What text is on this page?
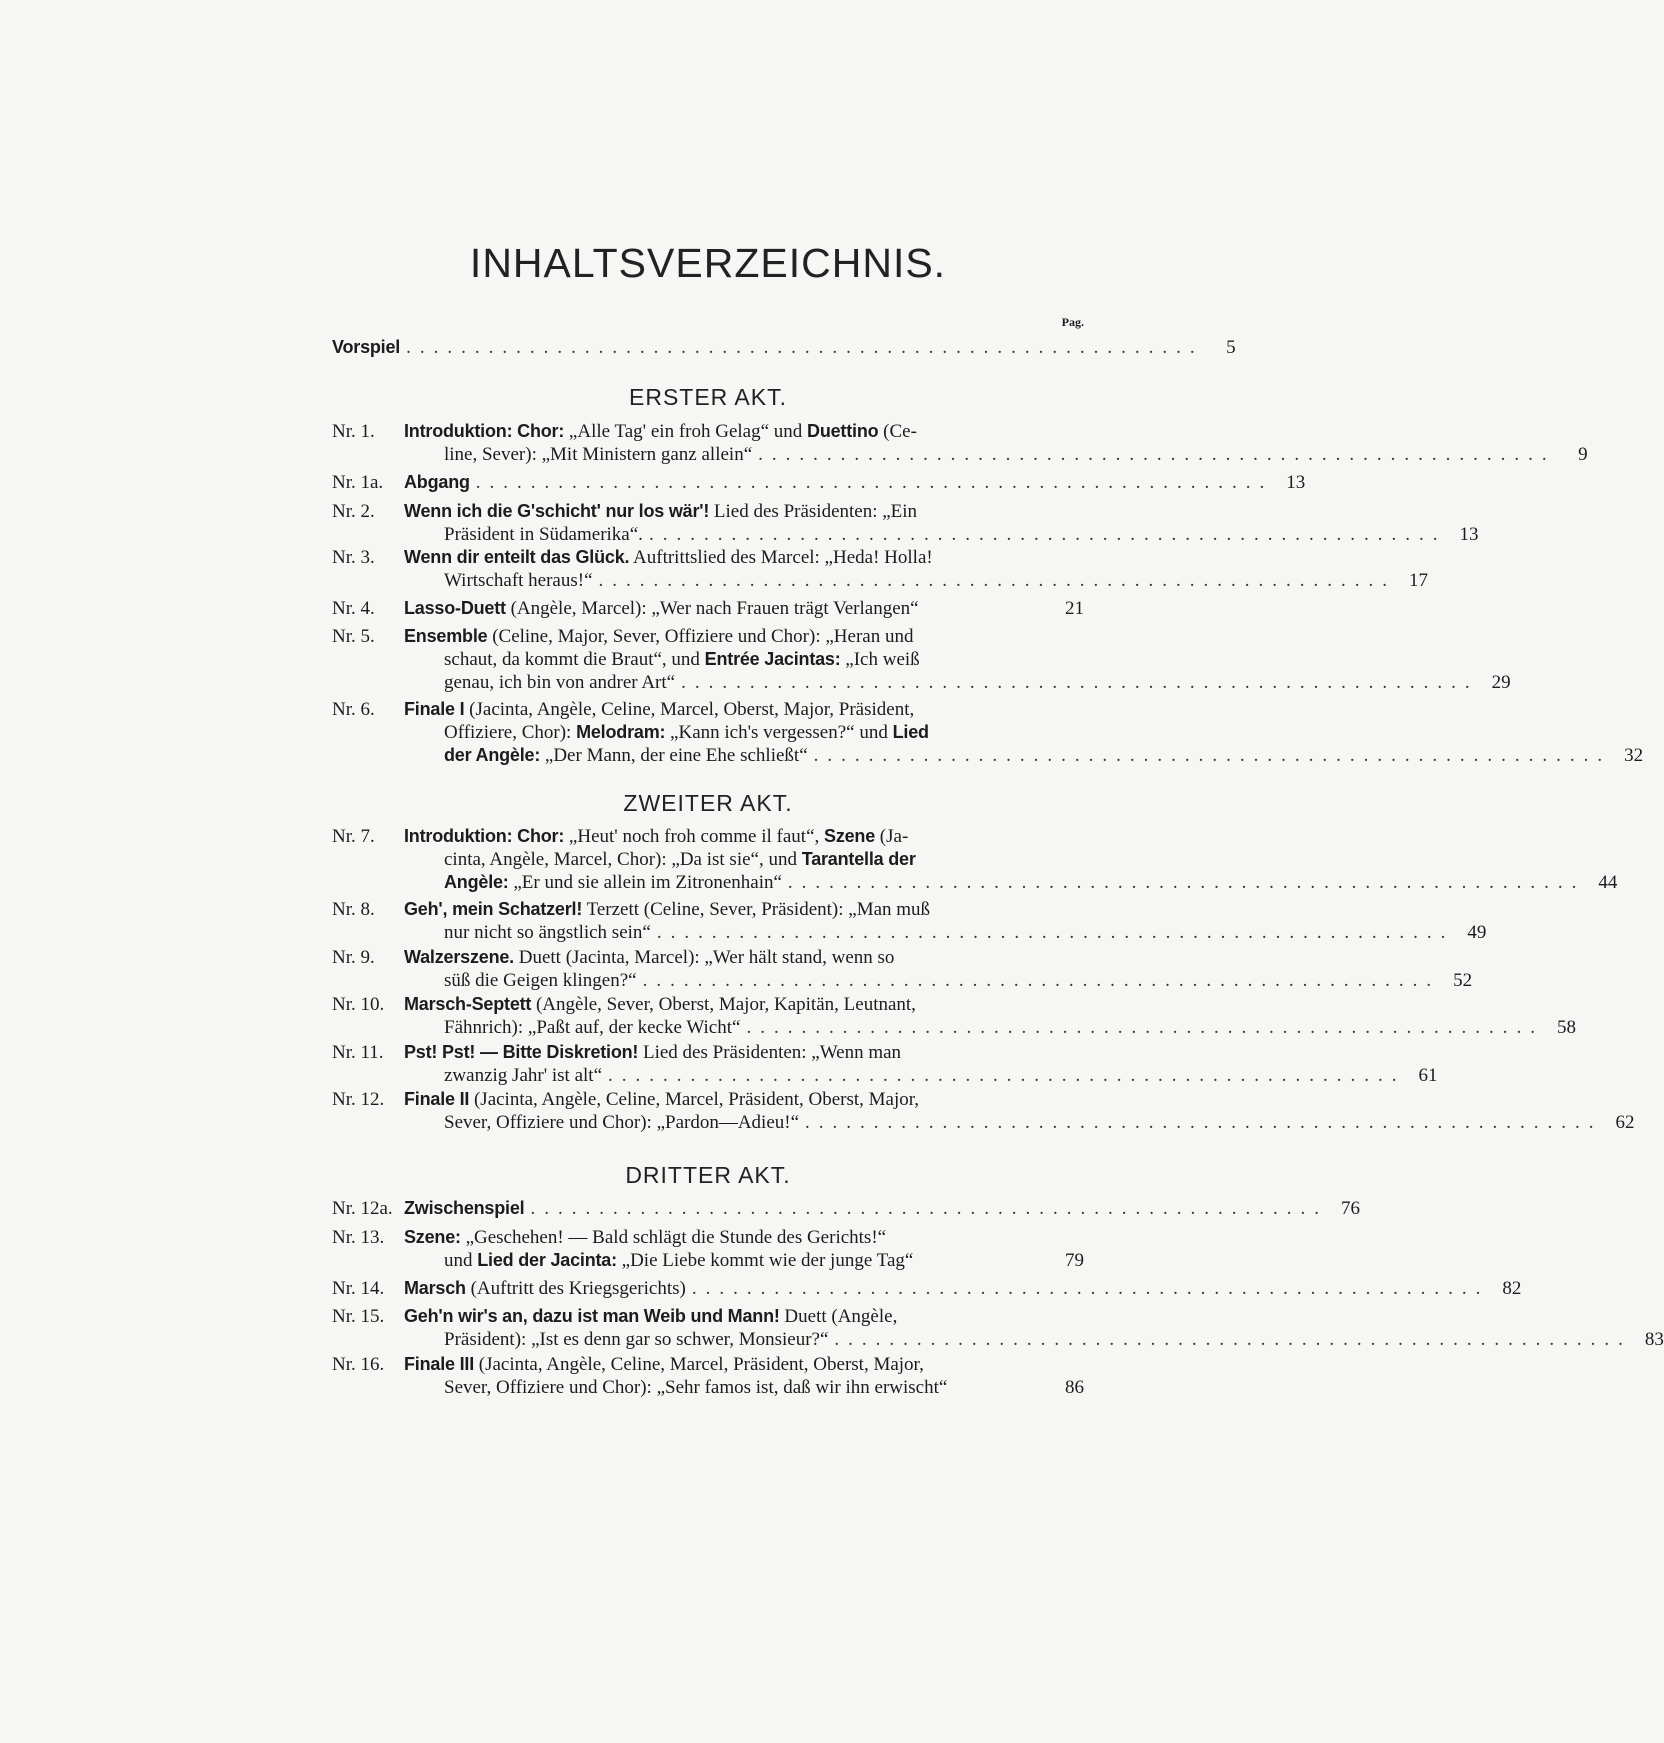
INHALTSVERZEICHNIS.
Pag.
Vorspiel ..........................................................	5
ERSTER AKT.
Nr. 1.	Introduktion: Chor: „Alle Tag' ein froh Gelag“ und Duettino (Ce-
line, Sever): „Mit Ministern ganz allein“ ..........................................................	9
Nr. 1a.	Abgang .......................................................... 13
Nr. 2.	Wenn ich die G'schicht' nur los wär'! Lied des Präsidenten: „Ein
Präsident in Südamerika“. .......................................................... 13
Nr. 3.	Wenn dir enteilt das Glück. Auftrittslied des Marcel: „Heda! Holla!
Wirtschaft heraus!“ .......................................................... 17
Nr. 4.	Lasso-Duett (Angèle, Marcel): „Wer nach Frauen trägt Verlangen“	21
Nr. 5.	Ensemble (Celine, Major, Sever, Offiziere und Chor): „Heran und
schaut, da kommt die Braut“, und Entrée Jacintas: „Ich weiß
genau, ich bin von andrer Art“ .......................................................... 29
Nr. 6.	Finale I (Jacinta, Angèle, Celine, Marcel, Oberst, Major, Präsident,
Offiziere, Chor): Melodram: „Kann ich's vergessen?“ und Lied
der Angèle: „Der Mann, der eine Ehe schließt“ .......................................................... 32
ZWEITER AKT.
Nr. 7.	Introduktion: Chor: „Heut' noch froh comme il faut“, Szene (Ja-
cinta, Angèle, Marcel, Chor): „Da ist sie“, und Tarantella der
Angèle: „Er und sie allein im Zitronenhain“ .......................................................... 44
Nr. 8.	Geh', mein Schatzerl! Terzett (Celine, Sever, Präsident): „Man muß
nur nicht so ängstlich sein“ .......................................................... 49
Nr. 9.	Walzerszene. Duett (Jacinta, Marcel): „Wer hält stand, wenn so
süß die Geigen klingen?“ .......................................................... 52
Nr. 10.	Marsch-Septett (Angèle, Sever, Oberst, Major, Kapitän, Leutnant,
Fähnrich): „Paßt auf, der kecke Wicht“ .......................................................... 58
Nr. 11.	Pst! Pst! — Bitte Diskretion! Lied des Präsidenten: „Wenn man
zwanzig Jahr' ist alt“ .......................................................... 61
Nr. 12.	Finale II (Jacinta, Angèle, Celine, Marcel, Präsident, Oberst, Major,
Sever, Offiziere und Chor): „Pardon—Adieu!“ .......................................................... 62
DRITTER AKT.
Nr. 12a. Zwischenspiel .......................................................... 76
Nr. 13.	Szene: „Geschehen! — Bald schlägt die Stunde des Gerichts!“
und Lied der Jacinta: „Die Liebe kommt wie der junge Tag“	79
Nr. 14.	Marsch (Auftritt des Kriegsgerichts) .......................................................... 82
Nr. 15.	Geh'n wir's an, dazu ist man Weib und Mann! Duett (Angèle,
Präsident): „Ist es denn gar so schwer, Monsieur?“ .......................................................... 83
Nr. 16.	Finale III (Jacinta, Angèle, Celine, Marcel, Präsident, Oberst, Major,
Sever, Offiziere und Chor): „Sehr famos ist, daß wir ihn erwischt“	86
